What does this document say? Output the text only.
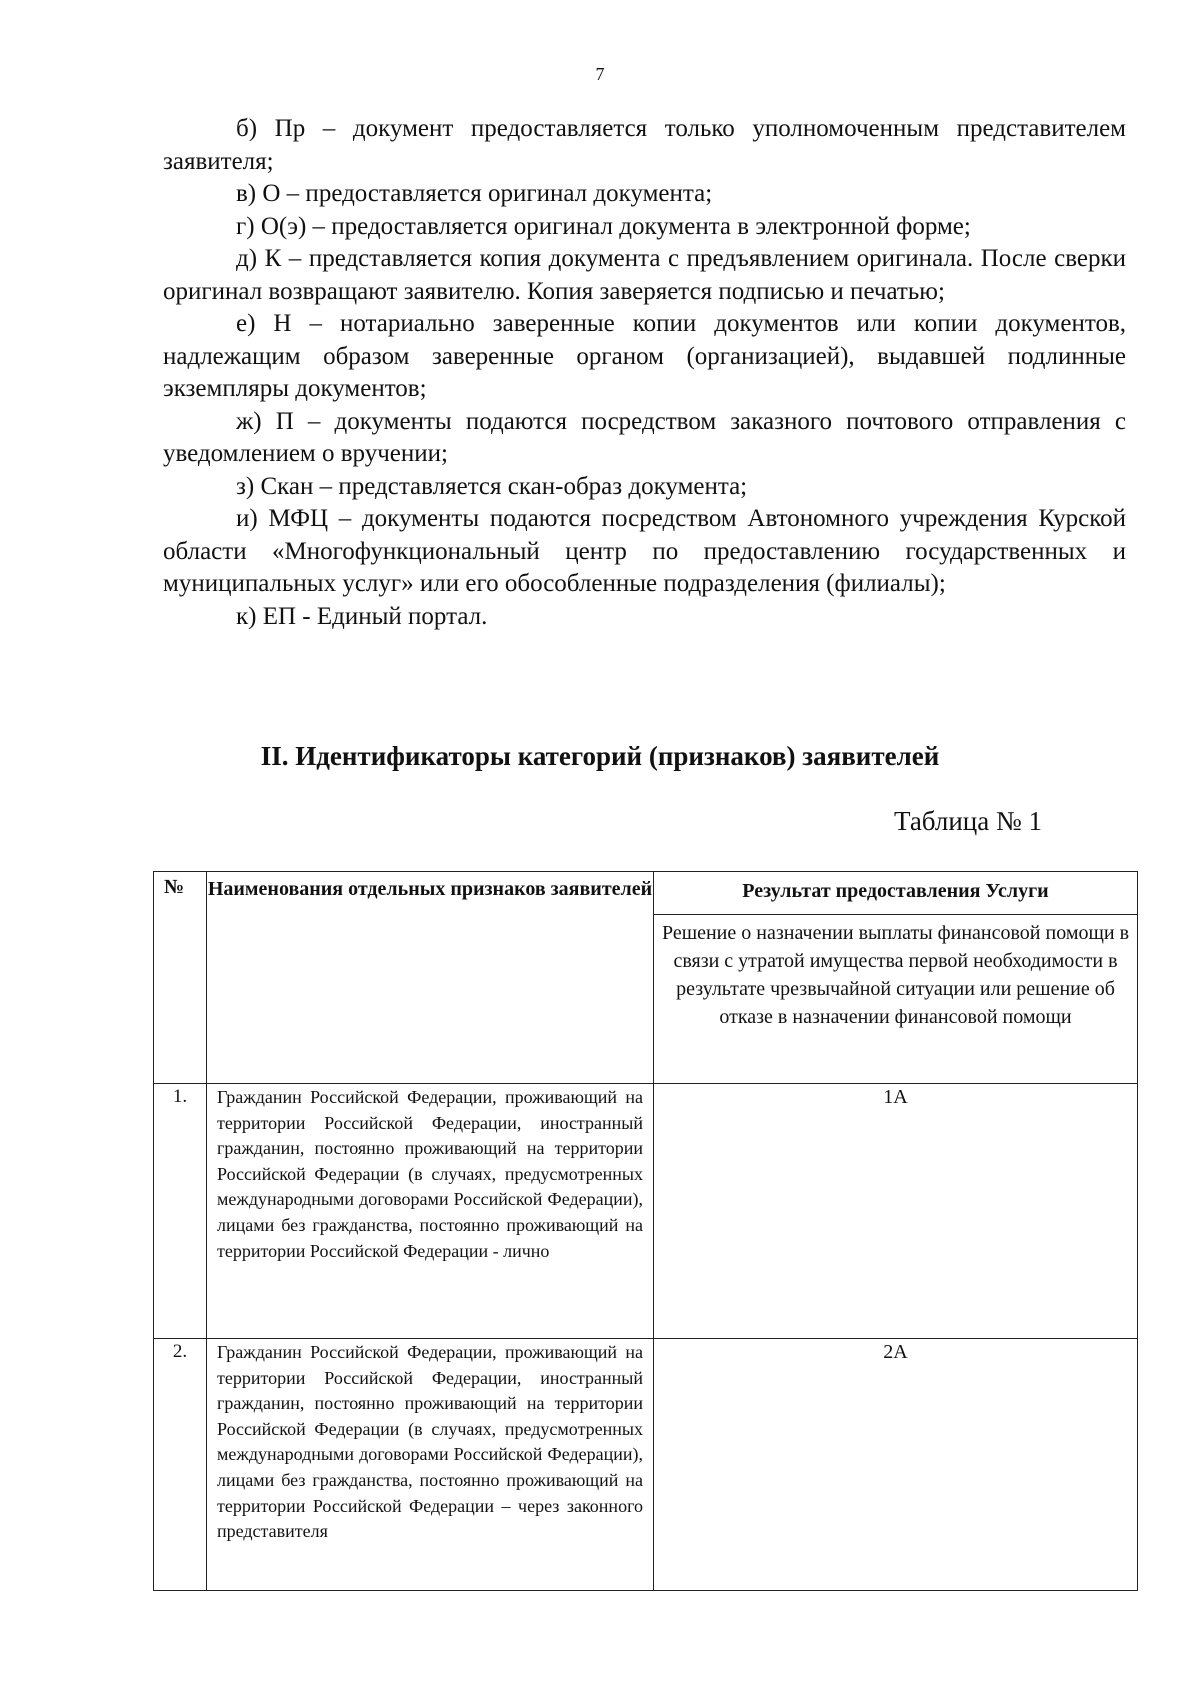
7

б) Пр – документ предоставляется только уполномоченным представителем заявителя;

в) О – предоставляется оригинал документа;

г) О(э) – предоставляется оригинал документа в электронной форме;

д) К – представляется копия документа с предъявлением оригинала. После сверки оригинал возвращают заявителю. Копия заверяется подписью и печатью;

е) Н – нотариально заверенные копии документов или копии документов, надлежащим образом заверенные органом (организацией), выдавшей подлинные экземпляры документов;

ж) П – документы подаются посредством заказного почтового отправления с уведомлением о вручении;

з) Скан – представляется скан-образ документа;

и) МФЦ – документы подаются посредством Автономного учреждения Курской области «Многофункциональный центр по предоставлению государственных и муниципальных услуг» или его обособленные подразделения (филиалы);

к) ЕП - Единый портал.

II. Идентификаторы категорий (признаков) заявителей
Таблица № 1
№	Наименования отдельных признаков заявителей	Результат предоставления Услуги
		Решение о назначении выплаты финансовой помощи в связи с утратой имущества первой необходимости в результате чрезвычайной ситуации или решение об отказе в назначении финансовой помощи
1.	Гражданин Российской Федерации, проживающий на территории Российской Федерации, иностранный гражданин, постоянно проживающий на территории Российской Федерации (в случаях, предусмотренных международными договорами Российской Федерации), лицами без гражданства, постоянно проживающий на территории Российской Федерации - лично	1А
2.	Гражданин Российской Федерации, проживающий на территории Российской Федерации, иностранный гражданин, постоянно проживающий на территории Российской Федерации (в случаях, предусмотренных международными договорами Российской Федерации), лицами без гражданства, постоянно проживающий на территории Российской Федерации – через законного представителя	2А
